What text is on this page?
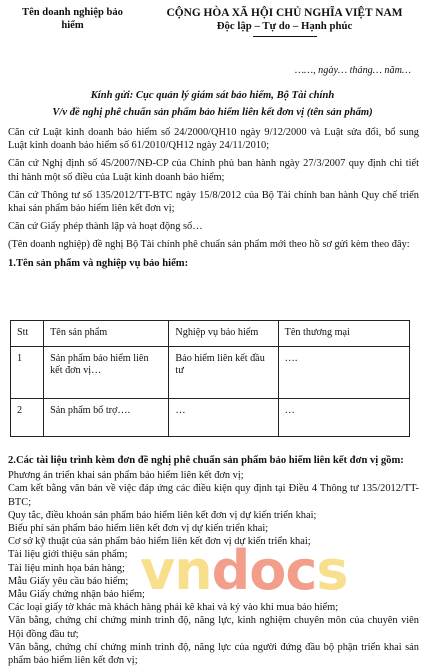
Tên doanh nghiệp bảo
hiểm
CỘNG HÒA XÃ HỘI CHỦ NGHĨA VIỆT NAM
Độc lập – Tự do – Hạnh phúc
……, ngày… tháng… năm…
Kính gửi: Cục quản lý giám sát bảo hiểm, Bộ Tài chính
V/v đề nghị phê chuẩn sản phẩm bảo hiểm liên kết đơn vị (tên sản phẩm)

Căn cứ Luật kinh doanh bảo hiểm số 24/2000/QH10 ngày 9/12/2000 và Luật sửa đổi, bổ sung Luật kinh doanh bảo hiểm số 61/2010/QH12 ngày 24/11/2010;

Căn cứ Nghị định số 45/2007/NĐ-CP của Chính phủ ban hành ngày 27/3/2007 quy định chi tiết thi hành một số điều của Luật kinh doanh bảo hiểm;

Căn cứ Thông tư số 135/2012/TT-BTC ngày 15/8/2012 của Bộ Tài chính ban hành Quy chế triển khai sản phẩm bảo hiểm liên kết đơn vị;

Căn cứ Giấy phép thành lập và hoạt động số…

(Tên doanh nghiệp) đề nghị Bộ Tài chính phê chuẩn sản phẩm mới theo hồ sơ gửi kèm theo đây:

1.Tên sản phẩm và nghiệp vụ bảo hiểm:
Stt	Tên sản phẩm	Nghiệp vụ bảo hiểm	Tên thương mại
1	Sản phẩm bảo hiểm liên kết đơn vị…	Bảo hiểm liên kết đầu tư	….
2	Sản phẩm bổ trợ….	…	…
2.Các tài liệu trình kèm đơn đề nghị phê chuẩn sản phẩm bảo hiểm liên kết đơn vị gồm:

Phương án triển khai sản phẩm bảo hiểm liên kết đơn vị;

Cam kết bằng văn bản về việc đáp ứng các điều kiện quy định tại Điều 4 Thông tư 135/2012/TT-BTC;

Quy tắc, điều khoản sản phẩm bảo hiểm liên kết đơn vị dự kiến triển khai;

Biểu phí sản phẩm bảo hiểm liên kết đơn vị dự kiến triển khai;

Cơ sở kỹ thuật của sản phẩm bảo hiểm liên kết đơn vị dự kiến triển khai;

Tài liệu giới thiệu sản phẩm;

Tài liệu minh họa bán hàng;

Mẫu Giấy yêu cầu bảo hiểm;

Mẫu Giấy chứng nhận bảo hiểm;

Các loại giấy tờ khác mà khách hàng phải kê khai và ký vào khi mua bảo hiểm;

Văn bằng, chứng chỉ chứng minh trình độ, năng lực, kinh nghiệm chuyên môn của chuyên viên Hội đồng đầu tư;

Văn bằng, chứng chỉ chứng minh trình độ, năng lực của người đứng đầu bộ phận triển khai sản phẩm bảo hiểm liên kết đơn vị;

vndocs
